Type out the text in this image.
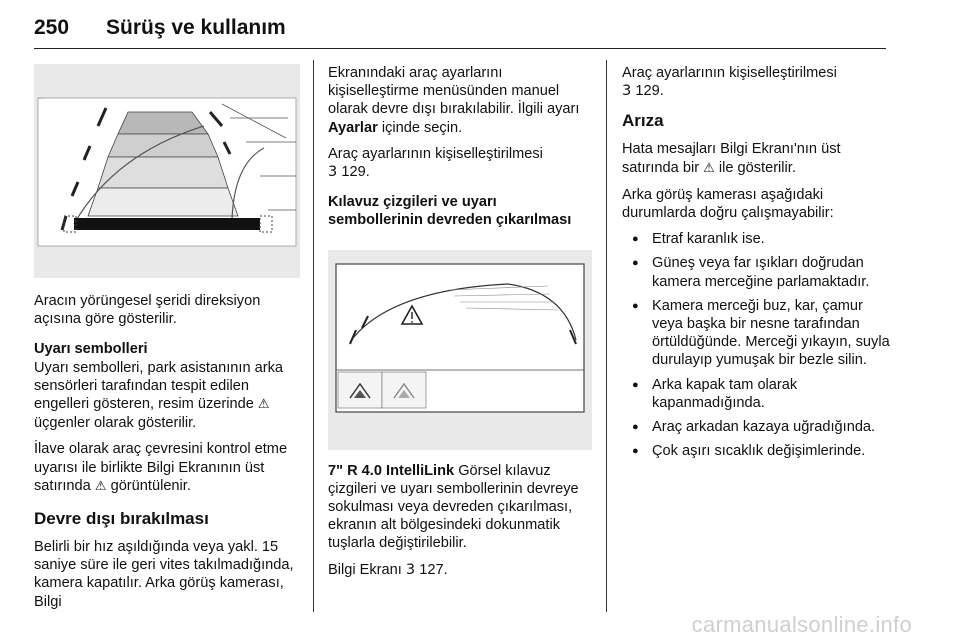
250 Sürüş ve kullanım

Aracın yörüngesel şeridi direksiyon açısına göre gösterilir.

Uyarı sembolleri
Uyarı sembolleri, park asistanının arka sensörleri tarafından tespit edilen engelleri gösteren, resim üzerinde ⚠ üçgenler olarak gösterilir.

İlave olarak araç çevresini kontrol etme uyarısı ile birlikte Bilgi Ekranının üst satırında ⚠ görüntülenir.

Devre dışı bırakılması

Belirli bir hız aşıldığında veya yakl. 15 saniye süre ile geri vites takılmadığında, kamera kapatılır. Arka görüş kamerası, Bilgi

Ekranındaki araç ayarlarını kişiselleştirme menüsünden manuel olarak devre dışı bırakılabilir. İlgili ayarı Ayarlar içinde seçin.

Araç ayarlarının kişiselleştirilmesi
3 129.

Kılavuz çizgileri ve uyarı
sembollerinin devreden çıkarılması

7" R 4.0 IntelliLink Görsel kılavuz çizgileri ve uyarı sembollerinin devreye sokulması veya devreden çıkarılması, ekranın alt bölgesindeki dokunmatik tuşlarla değiştirilebilir.

Bilgi Ekranı 3 127.

Araç ayarlarının kişiselleştirilmesi
3 129.

Arıza

Hata mesajları Bilgi Ekranı'nın üst satırında bir ⚠ ile gösterilir.

Arka görüş kamerası aşağıdaki durumlarda doğru çalışmayabilir:

● Etraf karanlık ise.
● Güneş veya far ışıkları doğrudan kamera merceğine parlamaktadır.
● Kamera merceği buz, kar, çamur veya başka bir nesne tarafından örtüldüğünde. Merceği yıkayın, suyla durulayıp yumuşak bir bezle silin.
● Arka kapak tam olarak kapanmadığında.
● Araç arkadan kazaya uğradığında.
● Çok aşırı sıcaklık değişimlerinde.
carmanualsonline.info
